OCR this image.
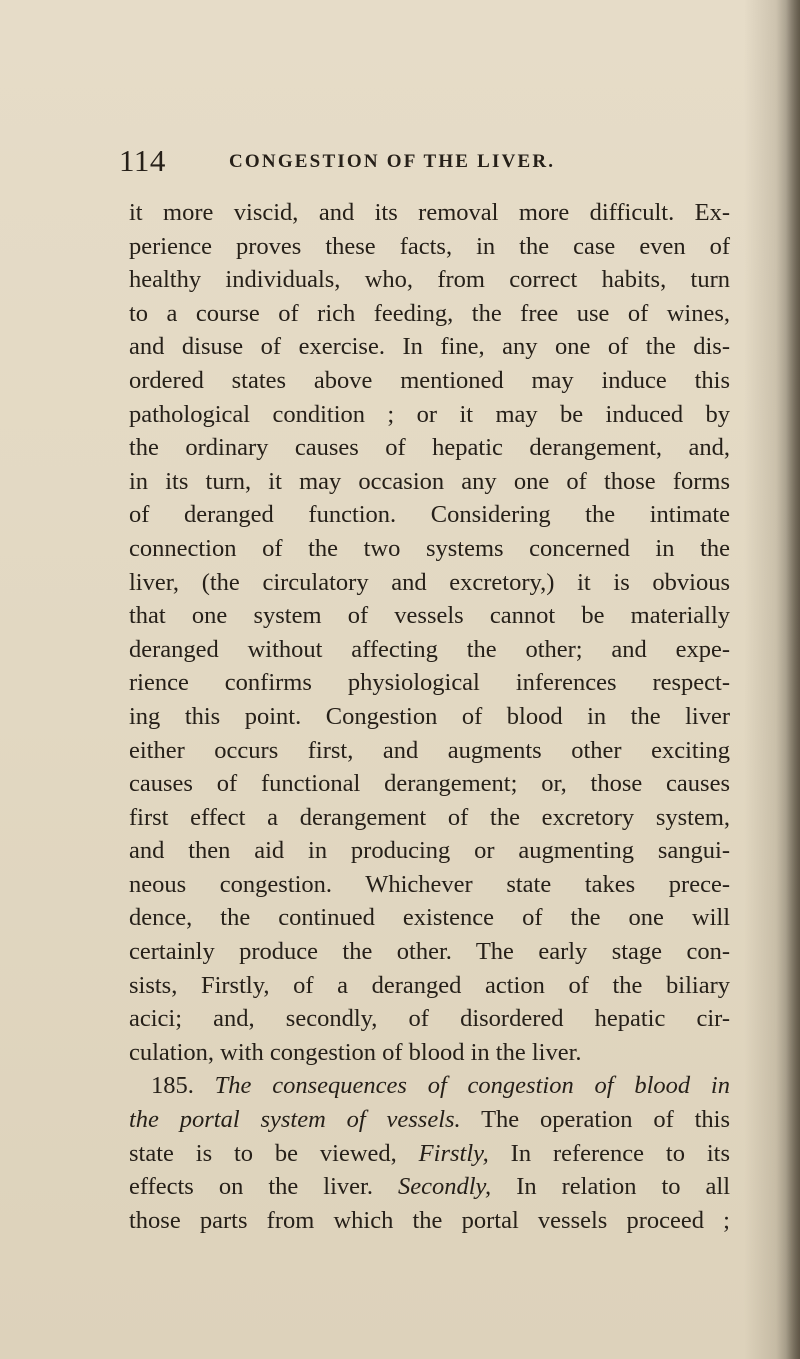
114	CONGESTION OF THE LIVER.
it more viscid, and its removal more difficult. Ex-
perience proves these facts, in the case even of
healthy individuals, who, from correct habits, turn
to a course of rich feeding, the free use of wines,
and disuse of exercise. In fine, any one of the dis-
ordered states above mentioned may induce this
pathological condition ; or it may be induced by
the ordinary causes of hepatic derangement, and,
in its turn, it may occasion any one of those forms
of deranged function. Considering the intimate
connection of the two systems concerned in the
liver, (the circulatory and excretory,) it is obvious
that one system of vessels cannot be materially
deranged without affecting the other; and expe-
rience confirms physiological inferences respect-
ing this point. Congestion of blood in the liver
either occurs first, and augments other exciting
causes of functional derangement; or, those causes
first effect a derangement of the excretory system,
and then aid in producing or augmenting sangui-
neous congestion. Whichever state takes prece-
dence, the continued existence of the one will
certainly produce the other. The early stage con-
sists, Firstly, of a deranged action of the biliary
acici; and, secondly, of disordered hepatic cir-
culation, with congestion of blood in the liver.
185. The consequences of congestion of blood in
the portal system of vessels. The operation of this
state is to be viewed, Firstly, In reference to its
effects on the liver. Secondly, In relation to all
those parts from which the portal vessels proceed ;
